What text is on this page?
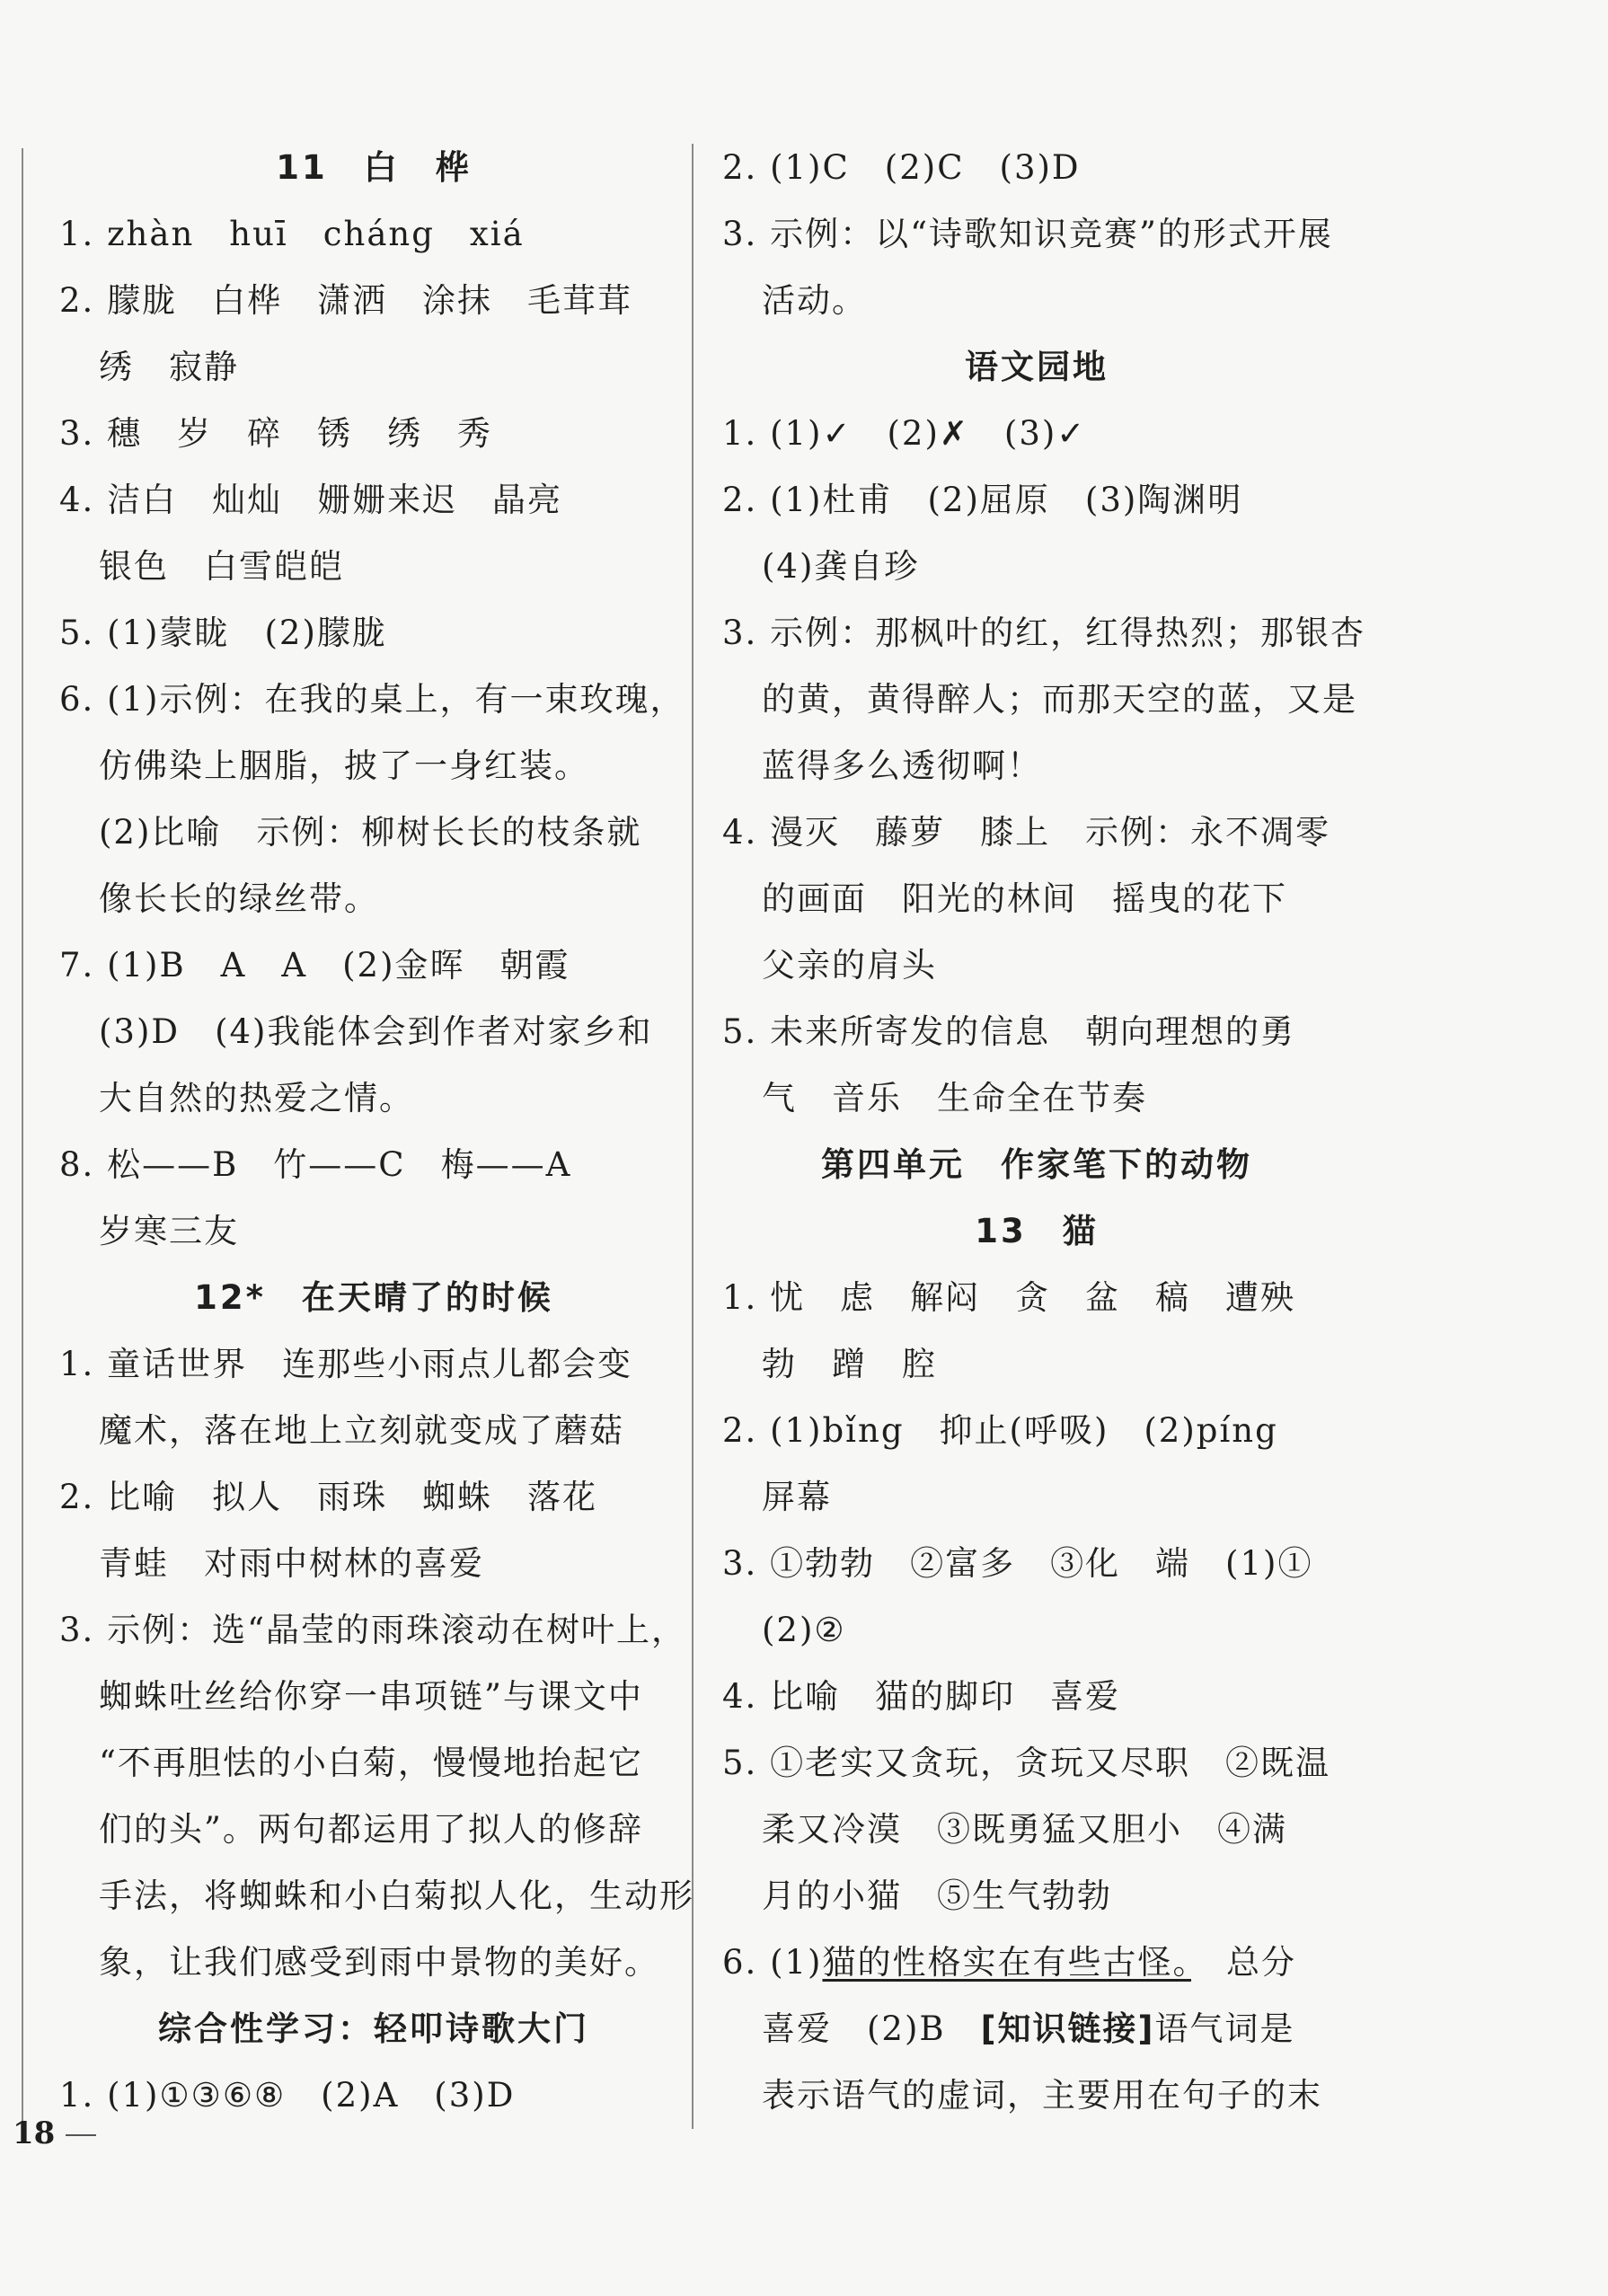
11　白　桦
1. zhàn　huī　cháng　xiá
2. 朦胧　白桦　潇洒　涂抹　毛茸茸
绣　寂静
3. 穗　岁　碎　锈　绣　秀
4. 洁白　灿灿　姗姗来迟　晶亮
银色　白雪皑皑
5. (1)蒙眬　(2)朦胧
6. (1)示例：在我的桌上，有一束玫瑰，
仿佛染上胭脂，披了一身红装。
(2)比喻　示例：柳树长长的枝条就
像长长的绿丝带。
7. (1)B　A　A　(2)金晖　朝霞
(3)D　(4)我能体会到作者对家乡和
大自然的热爱之情。
8. 松——B　竹——C　梅——A
岁寒三友
12*　在天晴了的时候
1. 童话世界　连那些小雨点儿都会变
魔术，落在地上立刻就变成了蘑菇
2. 比喻　拟人　雨珠　蜘蛛　落花
青蛙　对雨中树林的喜爱
3. 示例：选“晶莹的雨珠滚动在树叶上，
蜘蛛吐丝给你穿一串项链”与课文中
“不再胆怯的小白菊，慢慢地抬起它
们的头”。两句都运用了拟人的修辞
手法，将蜘蛛和小白菊拟人化，生动形
象，让我们感受到雨中景物的美好。
综合性学习：轻叩诗歌大门
1. (1)①③⑥⑧　(2)A　(3)D
2. (1)C　(2)C　(3)D
3. 示例：以“诗歌知识竞赛”的形式开展
活动。
语文园地
1. (1)✓　(2)✗　(3)✓
2. (1)杜甫　(2)屈原　(3)陶渊明
(4)龚自珍
3. 示例：那枫叶的红，红得热烈；那银杏
的黄，黄得醉人；而那天空的蓝，又是
蓝得多么透彻啊！
4. 漫灭　藤萝　膝上　示例：永不凋零
的画面　阳光的林间　摇曳的花下
父亲的肩头
5. 未来所寄发的信息　朝向理想的勇
气　音乐　生命全在节奏
第四单元　作家笔下的动物
13　猫
1. 忧　虑　解闷　贪　盆　稿　遭殃
勃　蹭　腔
2. (1)bǐng　抑止(呼吸)　(2)píng
屏幕
3. ①勃勃　②富多　③化　端　(1)①
(2)②
4. 比喻　猫的脚印　喜爱
5. ①老实又贪玩，贪玩又尽职　②既温
柔又冷漠　③既勇猛又胆小　④满
月的小猫　⑤生气勃勃
6. (1)猫的性格实在有些古怪。　总分
喜爱　(2)B　[知识链接]语气词是
表示语气的虚词，主要用在句子的末
18
